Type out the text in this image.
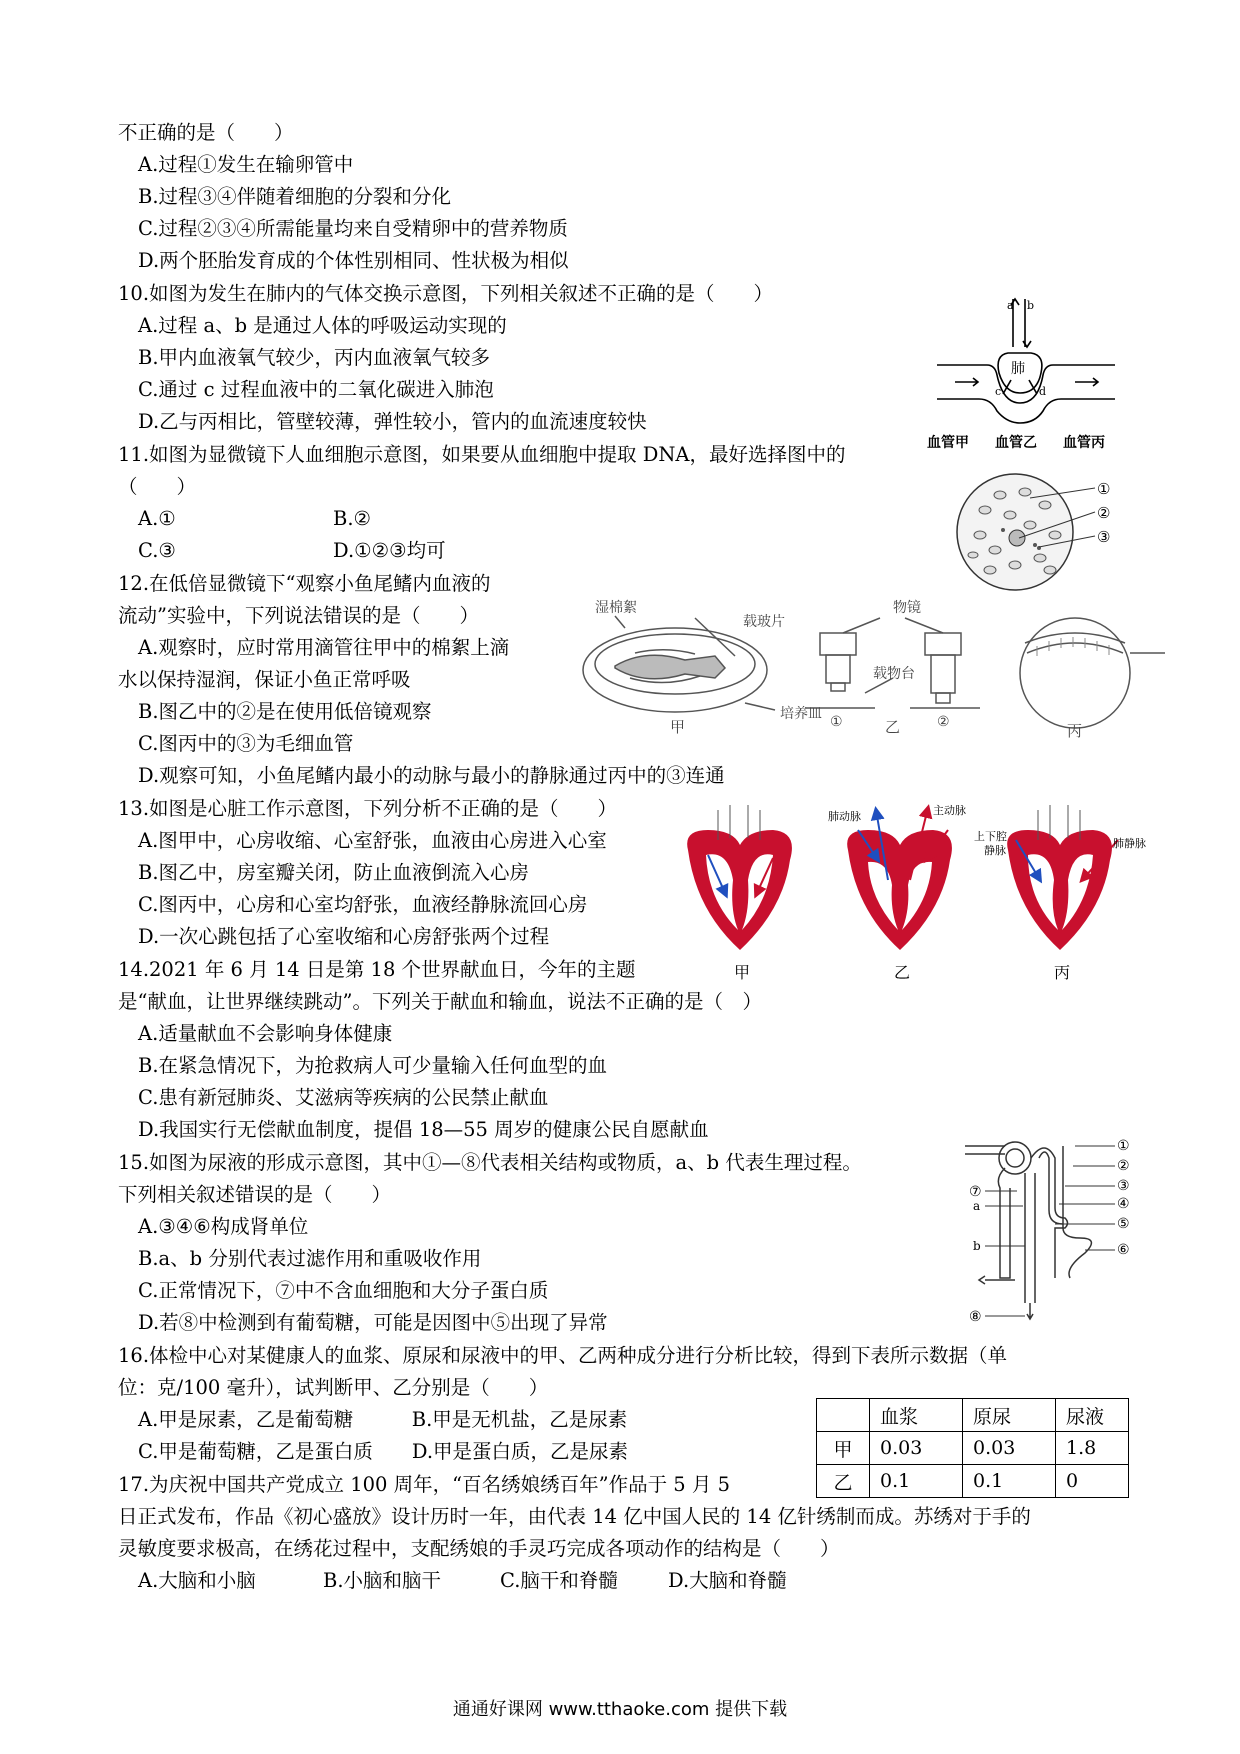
不正确的是（　　）
A.过程①发生在输卵管中
B.过程③④伴随着细胞的分裂和分化
C.过程②③④所需能量均来自受精卵中的营养物质
D.两个胚胎发育成的个体性别相同、性状极为相似
10.如图为发生在肺内的气体交换示意图，下列相关叙述不正确的是（　　）
A.过程 a、b 是通过人体的呼吸运动实现的
B.甲内血液氧气较少，丙内血液氧气较多
C.通过 c 过程血液中的二氧化碳进入肺泡
D.乙与丙相比，管壁较薄，弹性较小，管内的血流速度较快
a b
肺
c	d
血管甲 血管乙 血管丙
11.如图为显微镜下人血细胞示意图，如果要从血细胞中提取 DNA，最好选择图中的
（　　）
A.①	B.②
C.③	D.①②③均可
①
②
③
12.在低倍显微镜下“观察小鱼尾鳍内血液的
流动”实验中，下列说法错误的是（　　）
A.观察时，应时常用滴管往甲中的棉絮上滴
水以保持湿润，保证小鱼正常呼吸
B.图乙中的②是在使用低倍镜观察
C.图丙中的③为毛细血管
D.观察可知，小鱼尾鳍内最小的动脉与最小的静脉通过丙中的③连通
湿棉絮
载玻片
培养皿
甲
物镜
载物台
①	乙	②	丙
13.如图是心脏工作示意图，下列分析不正确的是（　　）
A.图甲中，心房收缩、心室舒张，血液由心房进入心室
B.图乙中，房室瓣关闭，防止血液倒流入心房
C.图丙中，心房和心室均舒张，血液经静脉流回心房
D.一次心跳包括了心室收缩和心房舒张两个过程
肺动脉	主动脉
上下腔
静脉
肺静脉
甲	乙	丙
14.2021 年 6 月 14 日是第 18 个世界献血日，今年的主题
是“献血，让世界继续跳动”。下列关于献血和输血，说法不正确的是（　）
A.适量献血不会影响身体健康
B.在紧急情况下，为抢救病人可少量输入任何血型的血
C.患有新冠肺炎、艾滋病等疾病的公民禁止献血
D.我国实行无偿献血制度，提倡 18—55 周岁的健康公民自愿献血
15.如图为尿液的形成示意图，其中①—⑧代表相关结构或物质，a、b 代表生理过程。
下列相关叙述错误的是（　　）
A.③④⑥构成肾单位
B.a、b 分别代表过滤作用和重吸收作用
C.正常情况下，⑦中不含血细胞和大分子蛋白质
D.若⑧中检测到有葡萄糖，可能是因图中⑤出现了异常
①
②
③
④
⑤
⑥
⑦
a
b
⑧
16.体检中心对某健康人的血浆、原尿和尿液中的甲、乙两种成分进行分析比较，得到下表所示数据（单
位：克/100 毫升），试判断甲、乙分别是（　　）
A.甲是尿素，乙是葡萄糖　　　B.甲是无机盐，乙是尿素
C.甲是葡萄糖，乙是蛋白质　　D.甲是蛋白质，乙是尿素
	血浆	原尿	尿液
甲	0.03	0.03	1.8
乙	0.1	0.1	0
17.为庆祝中国共产党成立 100 周年，“百名绣娘绣百年”作品于 5 月 5
日正式发布，作品《初心盛放》设计历时一年，由代表 14 亿中国人民的 14 亿针绣制而成。苏绣对于手的
灵敏度要求极高，在绣花过程中，支配绣娘的手灵巧完成各项动作的结构是（　　）
A.大脑和小脑	B.小脑和脑干	C.脑干和脊髓	D.大脑和脊髓
通通好课网 www.tthaoke.com 提供下载
